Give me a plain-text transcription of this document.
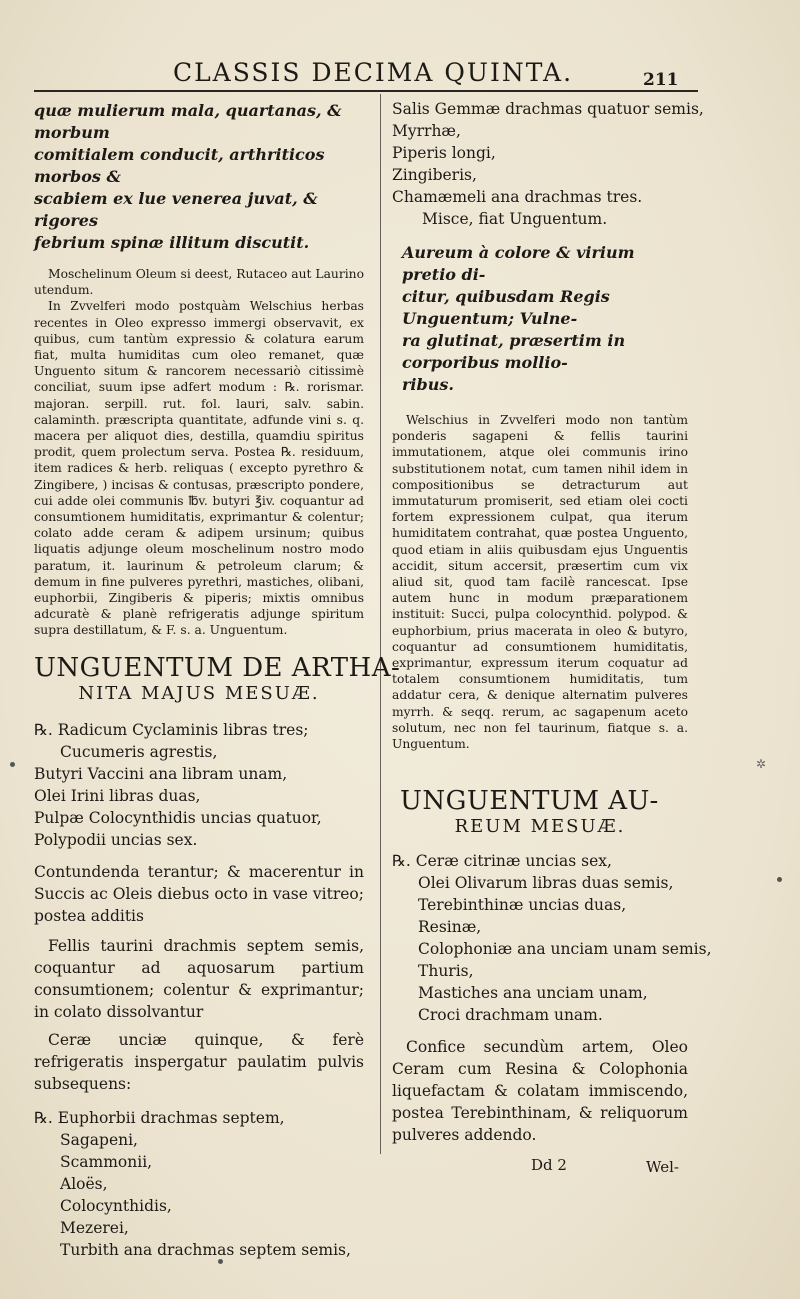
CLASSIS DECIMA QUINTA.	211
quæ mulierum mala, quartanas, & morbum
comitialem conducit, arthriticos morbos &
scabiem ex lue venerea juvat, & rigores
febrium spinæ illitum discutit.

Moschelinum Oleum si deest, Rutaceo aut Laurino utendum.

In Zvvelferi modo postquàm Welschius herbas recentes in Oleo expresso immergi observavit, ex quibus, cum tantùm expressio & colatura earum fiat, multa humiditas cum oleo remanet, quæ Unguento situm & rancorem necessariò citissimè conciliat, suum ipse adfert modum : ℞. rorismar. majoran. serpill. rut. fol. lauri, salv. sabin. calaminth. præscripta quantitate, adfunde vini s. q. macera per aliquot dies, destilla, quamdiu spiritus prodit, quem prolectum serva. Postea ℞. residuum, item radices & herb. reliquas ( excepto pyrethro & Zingibere, ) incisas & contusas, præscripto pondere, cui adde olei communis ℔v. butyri ℥iv. coquantur ad consumtionem humiditatis, exprimantur & colentur; colato adde ceram & adipem ursinum; quibus liquatis adjunge oleum moschelinum nostro modo paratum, it. laurinum & petroleum clarum; & demum in fine pulveres pyrethri, mastiches, olibani, euphorbii, Zingiberis & piperis; mixtis omnibus adcuratè & planè refrigeratis adjunge spiritum supra destillatum, & F. s. a. Unguentum.

UNGUENTUM DE ARTHA-
NITA MAJUS MESUÆ.
℞. Radicum Cyclaminis libras tres;
Cucumeris agrestis,
Butyri Vaccini ana libram unam,
Olei Irini libras duas,
Pulpæ Colocynthidis uncias quatuor,
Polypodii uncias sex.

Contundenda terantur; & macerentur in Succis ac Oleis diebus octo in vase vitreo; postea additis

Fellis taurini drachmis septem semis, coquantur ad aquosarum partium consumtionem; colentur & exprimantur; in colato dissolvantur

Ceræ unciæ quinque, & ferè refrigeratis inspergatur paulatim pulvis subsequens:

℞. Euphorbii drachmas septem,
Sagapeni,
Scammonii,
Aloës,
Colocynthidis,
Mezerei,
Turbith ana drachmas septem semis,
Salis Gemmæ drachmas quatuor semis,
Myrrhæ,
Piperis longi,
Zingiberis,
Chamæmeli ana drachmas tres.
Misce, fiat Unguentum.
Aureum à colore & virium pretio di-
citur, quibusdam Regis Unguentum; Vulne-
ra glutinat, præsertim in corporibus mollio-
ribus.

Welschius in Zvvelferi modo non tantùm ponderis sagapeni & fellis taurini immutationem, atque olei communis irino substitutionem notat, cum tamen nihil idem in compositionibus se detracturum aut immutaturum promiserit, sed etiam olei cocti fortem expressionem culpat, qua iterum humiditatem contrahat, quæ postea Unguento, quod etiam in aliis quibusdam ejus Unguentis accidit, situm accersit, præsertim cum vix aliud sit, quod tam facilè rancescat. Ipse autem hunc in modum præparationem instituit: Succi, pulpa colocynthid. polypod. & euphorbium, prius macerata in oleo & butyro, coquantur ad consumtionem humiditatis, exprimantur, expressum iterum coquatur ad totalem consumtionem humiditatis, tum addatur cera, & denique alternatim pulveres myrrh. & seqq. rerum, ac sagapenum aceto solutum, nec non fel taurinum, fiatque s. a. Unguentum.

UNGUENTUM AU-
REUM MESUÆ.
℞. Ceræ citrinæ uncias sex,
Olei Olivarum libras duas semis,
Terebinthinæ uncias duas,
Resinæ,
Colophoniæ ana unciam unam semis,
Thuris,
Mastiches ana unciam unam,
Croci drachmam unam.

Confice secundùm artem, Oleo Ceram cum Resina & Colophonia liquefactam & colatam immiscendo, postea Terebinthinam, & reliquorum pulveres addendo.

Dd 2	Wel-
✲
